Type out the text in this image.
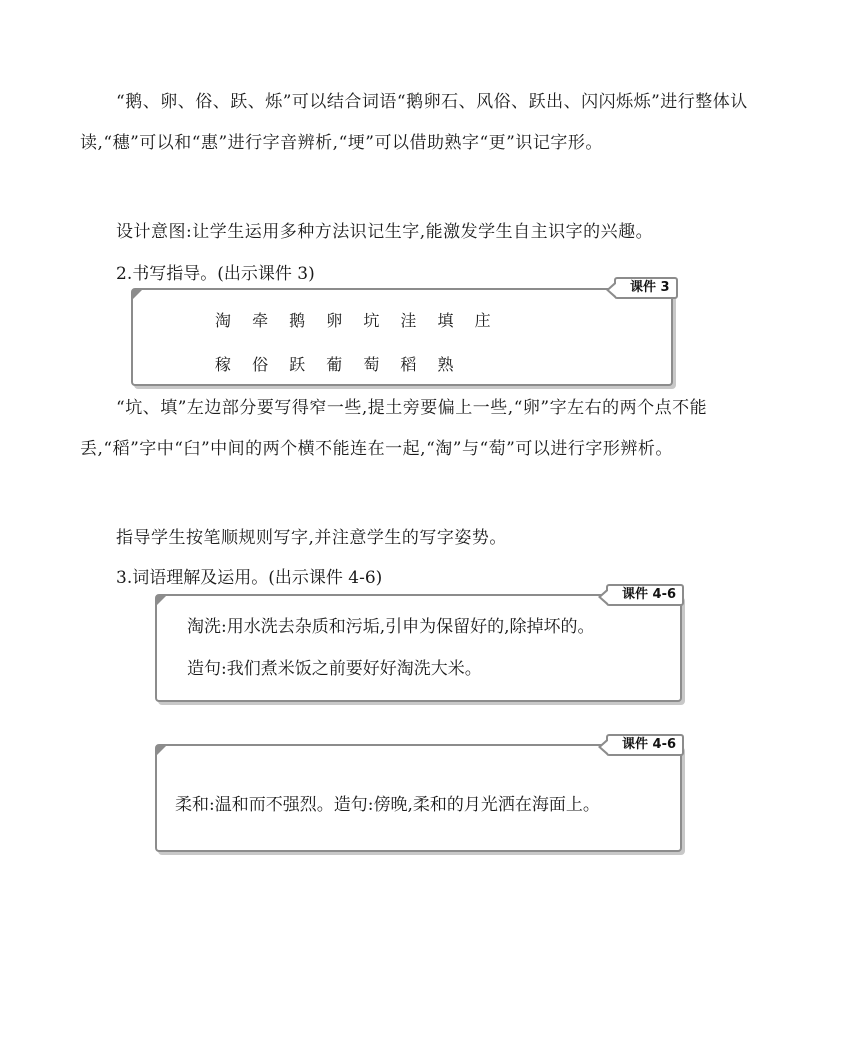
“鹅、卵、俗、跃、烁”可以结合词语“鹅卵石、风俗、跃出、闪闪烁烁”进行整体认读,“穗”可以和“惠”进行字音辨析,“埂”可以借助熟字“更”识记字形。
设计意图:让学生运用多种方法识记生字,能激发学生自主识字的兴趣。
2.书写指导。(出示课件 3)
淘 牵 鹅 卵 坑 洼 填 庄
稼 俗 跃 葡 萄 稻 熟
课件 3
“坑、填”左边部分要写得窄一些,提土旁要偏上一些,“卵”字左右的两个点不能丢,“稻”字中“臼”中间的两个横不能连在一起,“淘”与“萄”可以进行字形辨析。
指导学生按笔顺规则写字,并注意学生的写字姿势。
3.词语理解及运用。(出示课件 4-6)
淘洗:用水洗去杂质和污垢,引申为保留好的,除掉坏的。
造句:我们煮米饭之前要好好淘洗大米。
课件 4-6
柔和:温和而不强烈。造句:傍晚,柔和的月光洒在海面上。
课件 4-6
